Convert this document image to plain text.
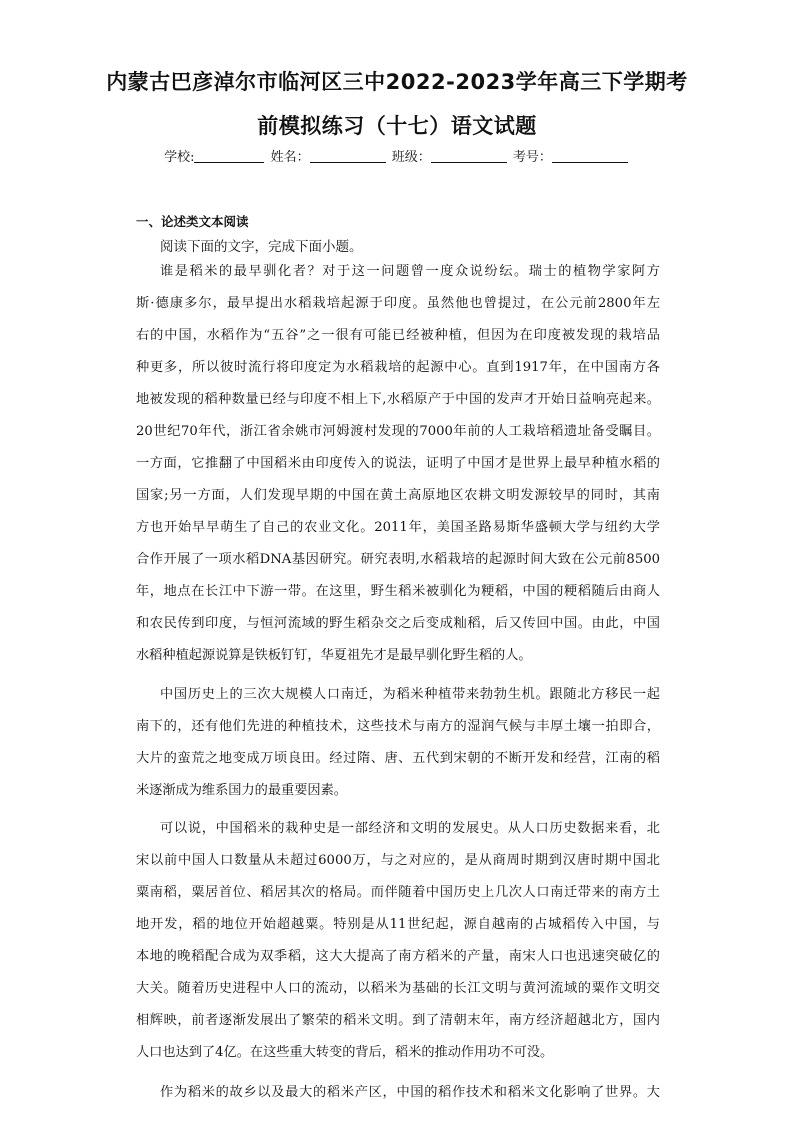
内蒙古巴彦淖尔市临河区三中2022-2023学年高三下学期考
前模拟练习（十七）语文试题
学校:	姓名：	班级：	考号：
一、论述类文本阅读
阅读下面的文字，完成下面小题。
谁是稻米的最早驯化者？对于这一问题曾一度众说纷纭。瑞士的植物学家阿方
斯·德康多尔，最早提出水稻栽培起源于印度。虽然他也曾提过，在公元前2800年左
右的中国，水稻作为“五谷”之一很有可能已经被种植，但因为在印度被发现的栽培品
种更多，所以彼时流行将印度定为水稻栽培的起源中心。直到1917年，在中国南方各
地被发现的稻种数量已经与印度不相上下,水稻原产于中国的发声才开始日益响亮起来。
20世纪70年代，浙江省余姚市河姆渡村发现的7000年前的人工栽培稻遗址备受瞩目。
一方面，它推翻了中国稻米由印度传入的说法，证明了中国才是世界上最早种植水稻的
国家;另一方面，人们发现早期的中国在黄土高原地区农耕文明发源较早的同时，其南
方也开始早早萌生了自己的农业文化。2011年，美国圣路易斯华盛顿大学与纽约大学
合作开展了一项水稻DNA基因研究。研究表明,水稻栽培的起源时间大致在公元前8500
年，地点在长江中下游一带。在这里，野生稻米被驯化为粳稻，中国的粳稻随后由商人
和农民传到印度，与恒河流域的野生稻杂交之后变成籼稻，后又传回中国。由此，中国
水稻种植起源说算是铁板钉钉，华夏祖先才是最早驯化野生稻的人。
中国历史上的三次大规模人口南迁，为稻米种植带来勃勃生机。跟随北方移民一起
南下的，还有他们先进的种植技术，这些技术与南方的湿润气候与丰厚土壤一拍即合，
大片的蛮荒之地变成万顷良田。经过隋、唐、五代到宋朝的不断开发和经营，江南的稻
米逐渐成为维系国力的最重要因素。
可以说，中国稻米的栽种史是一部经济和文明的发展史。从人口历史数据来看，北
宋以前中国人口数量从未超过6000万，与之对应的，是从商周时期到汉唐时期中国北
粟南稻，粟居首位、稻居其次的格局。而伴随着中国历史上几次人口南迁带来的南方土
地开发，稻的地位开始超越粟。特别是从11世纪起，源自越南的占城稻传入中国，与
本地的晚稻配合成为双季稻，这大大提高了南方稻米的产量，南宋人口也迅速突破亿的
大关。随着历史进程中人口的流动，以稻米为基础的长江文明与黄河流域的粟作文明交
相辉映，前者逐渐发展出了繁荣的稻米文明。到了清朝末年，南方经济超越北方，国内
人口也达到了4亿。在这些重大转变的背后，稻米的推动作用功不可没。
作为稻米的故乡以及最大的稻米产区，中国的稻作技术和稻米文化影响了世界。大
